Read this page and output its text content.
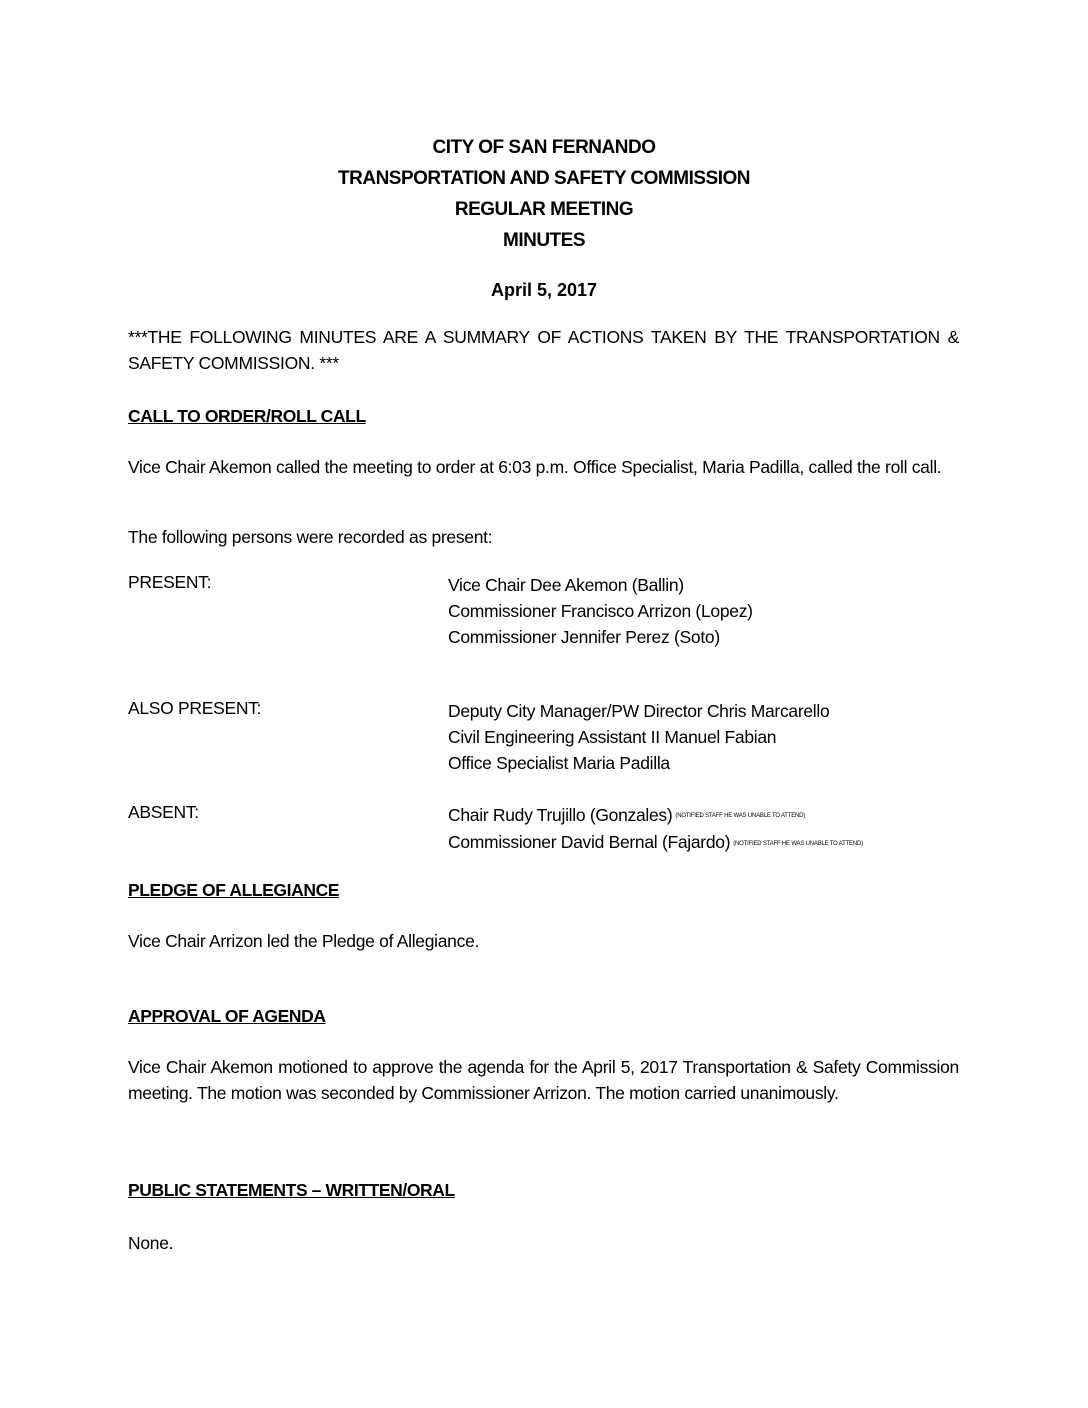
CITY OF SAN FERNANDO
TRANSPORTATION AND SAFETY COMMISSION
REGULAR MEETING
MINUTES
April 5, 2017
***THE FOLLOWING MINUTES ARE A SUMMARY OF ACTIONS TAKEN BY THE TRANSPORTATION & SAFETY COMMISSION. ***
CALL TO ORDER/ROLL CALL
Vice Chair Akemon called the meeting to order at 6:03 p.m. Office Specialist, Maria Padilla, called the roll call.
The following persons were recorded as present:
PRESENT:	Vice Chair Dee Akemon (Ballin)
Commissioner Francisco Arrizon (Lopez)
Commissioner Jennifer Perez (Soto)
ALSO PRESENT:	Deputy City Manager/PW Director Chris Marcarello
Civil Engineering Assistant II Manuel Fabian
Office Specialist Maria Padilla
ABSENT:	Chair Rudy Trujillo (Gonzales) (NOTIFIED STAFF HE WAS UNABLE TO ATTEND)
Commissioner David Bernal (Fajardo) (NOTIFIED STAFF HE WAS UNABLE TO ATTEND)
PLEDGE OF ALLEGIANCE
Vice Chair Arrizon led the Pledge of Allegiance.
APPROVAL OF AGENDA
Vice Chair Akemon motioned to approve the agenda for the April 5, 2017 Transportation & Safety Commission meeting. The motion was seconded by Commissioner Arrizon. The motion carried unanimously.
PUBLIC STATEMENTS – WRITTEN/ORAL
None.
